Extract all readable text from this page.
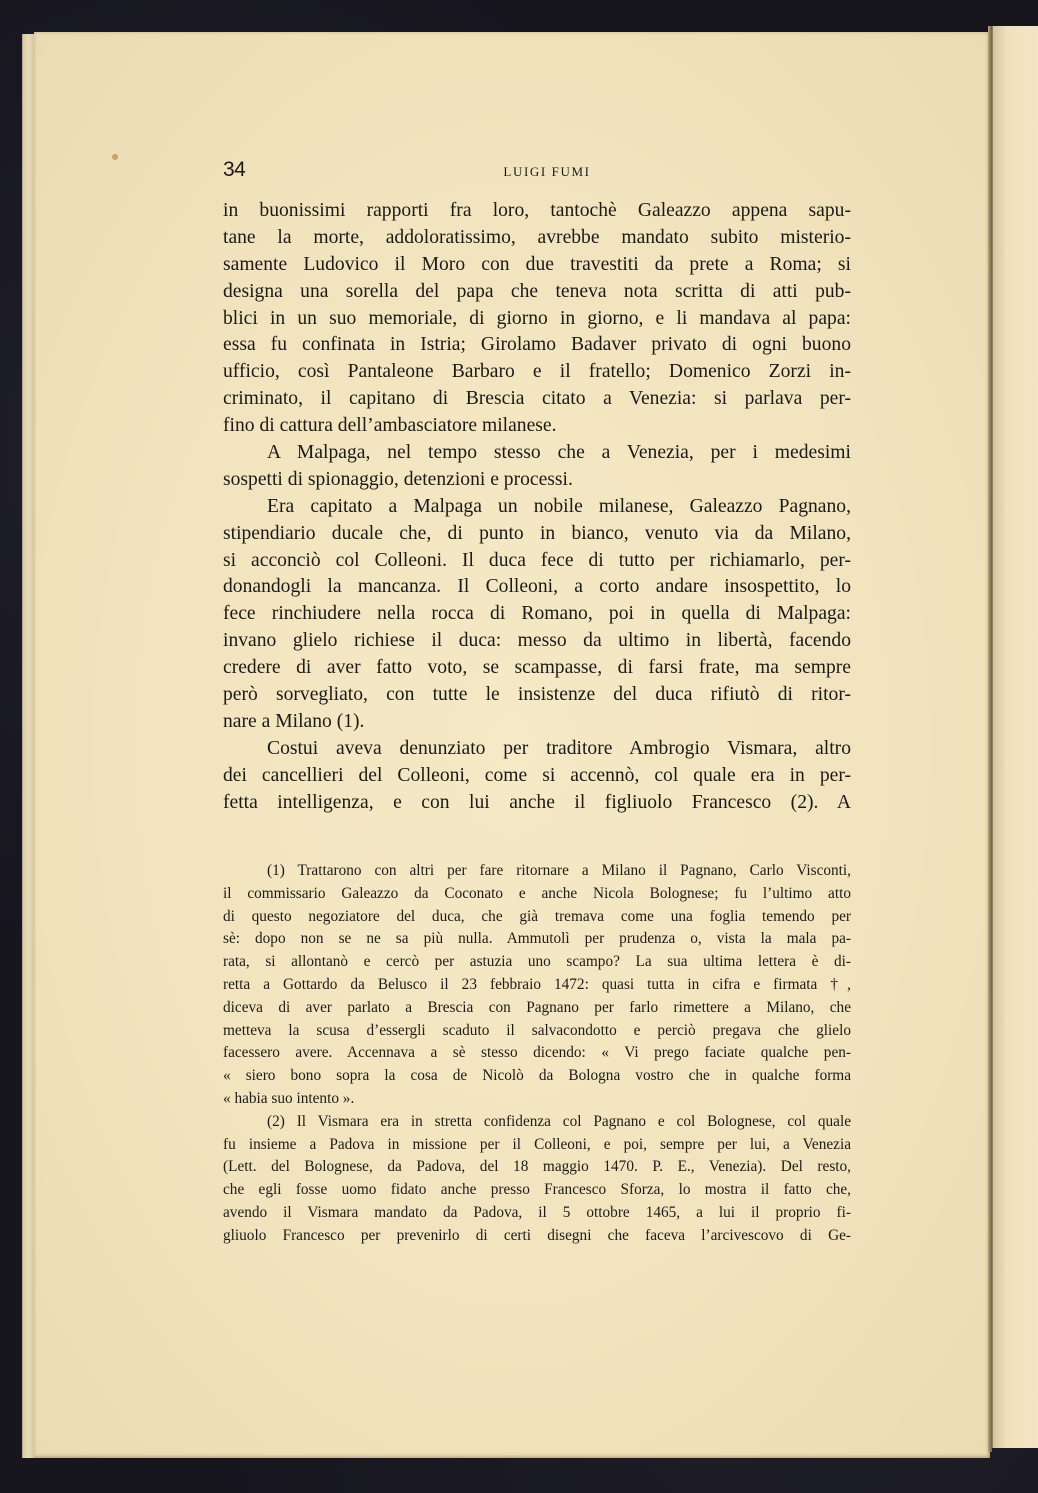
34	LUIGI FUMI
in buonissimi rapporti fra loro, tantochè Galeazzo appena sapu-
tane la morte, addoloratissimo, avrebbe mandato subito misterio-
samente Ludovico il Moro con due travestiti da prete a Roma; si
designa una sorella del papa che teneva nota scritta di atti pub-
blici in un suo memoriale, di giorno in giorno, e li mandava al papa:
essa fu confinata in Istria; Girolamo Badaver privato di ogni buono
ufficio, così Pantaleone Barbaro e il fratello; Domenico Zorzi in-
criminato, il capitano di Brescia citato a Venezia: si parlava per-
fino di cattura dell’ambasciatore milanese.
A Malpaga, nel tempo stesso che a Venezia, per i medesimi
sospetti di spionaggio, detenzioni e processi.
Era capitato a Malpaga un nobile milanese, Galeazzo Pagnano,
stipendiario ducale che, di punto in bianco, venuto via da Milano,
si acconciò col Colleoni. Il duca fece di tutto per richiamarlo, per-
donandogli la mancanza. Il Colleoni, a corto andare insospettito, lo
fece rinchiudere nella rocca di Romano, poi in quella di Malpaga:
invano glielo richiese il duca: messo da ultimo in libertà, facendo
credere di aver fatto voto, se scampasse, di farsi frate, ma sempre
però sorvegliato, con tutte le insistenze del duca rifiutò di ritor-
nare a Milano (1).
Costui aveva denunziato per traditore Ambrogio Vismara, altro
dei cancellieri del Colleoni, come si accennò, col quale era in per-
fetta intelligenza, e con lui anche il figliuolo Francesco (2). A
(1) Trattarono con altri per fare ritornare a Milano il Pagnano, Carlo Visconti,
il commissario Galeazzo da Coconato e anche Nicola Bolognese; fu l’ultimo atto
di questo negoziatore del duca, che già tremava come una foglia temendo per
sè: dopo non se ne sa più nulla. Ammutolì per prudenza o, vista la mala pa-
rata, si allontanò e cercò per astuzia uno scampo? La sua ultima lettera è di-
retta a Gottardo da Belusco il 23 febbraio 1472: quasi tutta in cifra e firmata †,
diceva di aver parlato a Brescia con Pagnano per farlo rimettere a Milano, che
metteva la scusa d’essergli scaduto il salvacondotto e perciò pregava che glielo
facessero avere. Accennava a sè stesso dicendo: « Vi prego faciate qualche pen-
« siero bono sopra la cosa de Nicolò da Bologna vostro che in qualche forma
« habia suo intento ».
(2) Il Vismara era in stretta confidenza col Pagnano e col Bolognese, col quale
fu insieme a Padova in missione per il Colleoni, e poi, sempre per lui, a Venezia
(Lett. del Bolognese, da Padova, del 18 maggio 1470. P. E., Venezia). Del resto,
che egli fosse uomo fidato anche presso Francesco Sforza, lo mostra il fatto che,
avendo il Vismara mandato da Padova, il 5 ottobre 1465, a lui il proprio fi-
gliuolo Francesco per prevenirlo di certi disegni che faceva l’arcivescovo di Ge-
